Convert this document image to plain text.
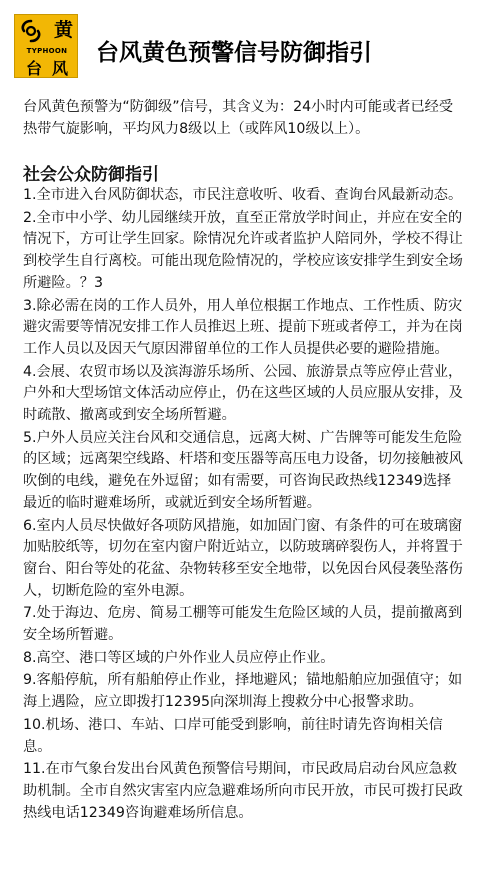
黄
TYPHOON
台风
台风黄色预警信号防御指引

台风黄色预警为“防御级”信号，其含义为：24小时内可能或者已经受热带气旋影响，平均风力8级以上（或阵风10级以上）。

社会公众防御指引
1.全市进入台风防御状态，市民注意收听、收看、查询台风最新动态。
2.全市中小学、幼儿园继续开放，直至正常放学时间止，并应在安全的情况下，方可让学生回家。除情况允许或者监护人陪同外，学校不得让到校学生自行离校。可能出现危险情况的，学校应该安排学生到安全场所避险。？3
3.除必需在岗的工作人员外，用人单位根据工作地点、工作性质、防灾避灾需要等情况安排工作人员推迟上班、提前下班或者停工，并为在岗工作人员以及因天气原因滞留单位的工作人员提供必要的避险措施。
4.会展、农贸市场以及滨海游乐场所、公园、旅游景点等应停止营业，户外和大型场馆文体活动应停止，仍在这些区域的人员应服从安排，及时疏散、撤离或到安全场所暂避。
5.户外人员应关注台风和交通信息，远离大树、广告牌等可能发生危险的区域；远离架空线路、杆塔和变压器等高压电力设备，切勿接触被风吹倒的电线，避免在外逗留；如有需要，可咨询民政热线12349选择最近的临时避难场所，或就近到安全场所暂避。
6.室内人员尽快做好各项防风措施，如加固门窗、有条件的可在玻璃窗加贴胶纸等，切勿在室内窗户附近站立，以防玻璃碎裂伤人，并将置于窗台、阳台等处的花盆、杂物转移至安全地带，以免因台风侵袭坠落伤人，切断危险的室外电源。
7.处于海边、危房、简易工棚等可能发生危险区域的人员，提前撤离到安全场所暂避。
8.高空、港口等区域的户外作业人员应停止作业。
9.客船停航，所有船舶停止作业，择地避风；锚地船舶应加强值守；如海上遇险，应立即拨打12395向深圳海上搜救分中心报警求助。
10.机场、港口、车站、口岸可能受到影响，前往时请先咨询相关信息。
11.在市气象台发出台风黄色预警信号期间，市民政局启动台风应急救助机制。全市自然灾害室内应急避难场所向市民开放，市民可拨打民政热线电话12349咨询避难场所信息。
